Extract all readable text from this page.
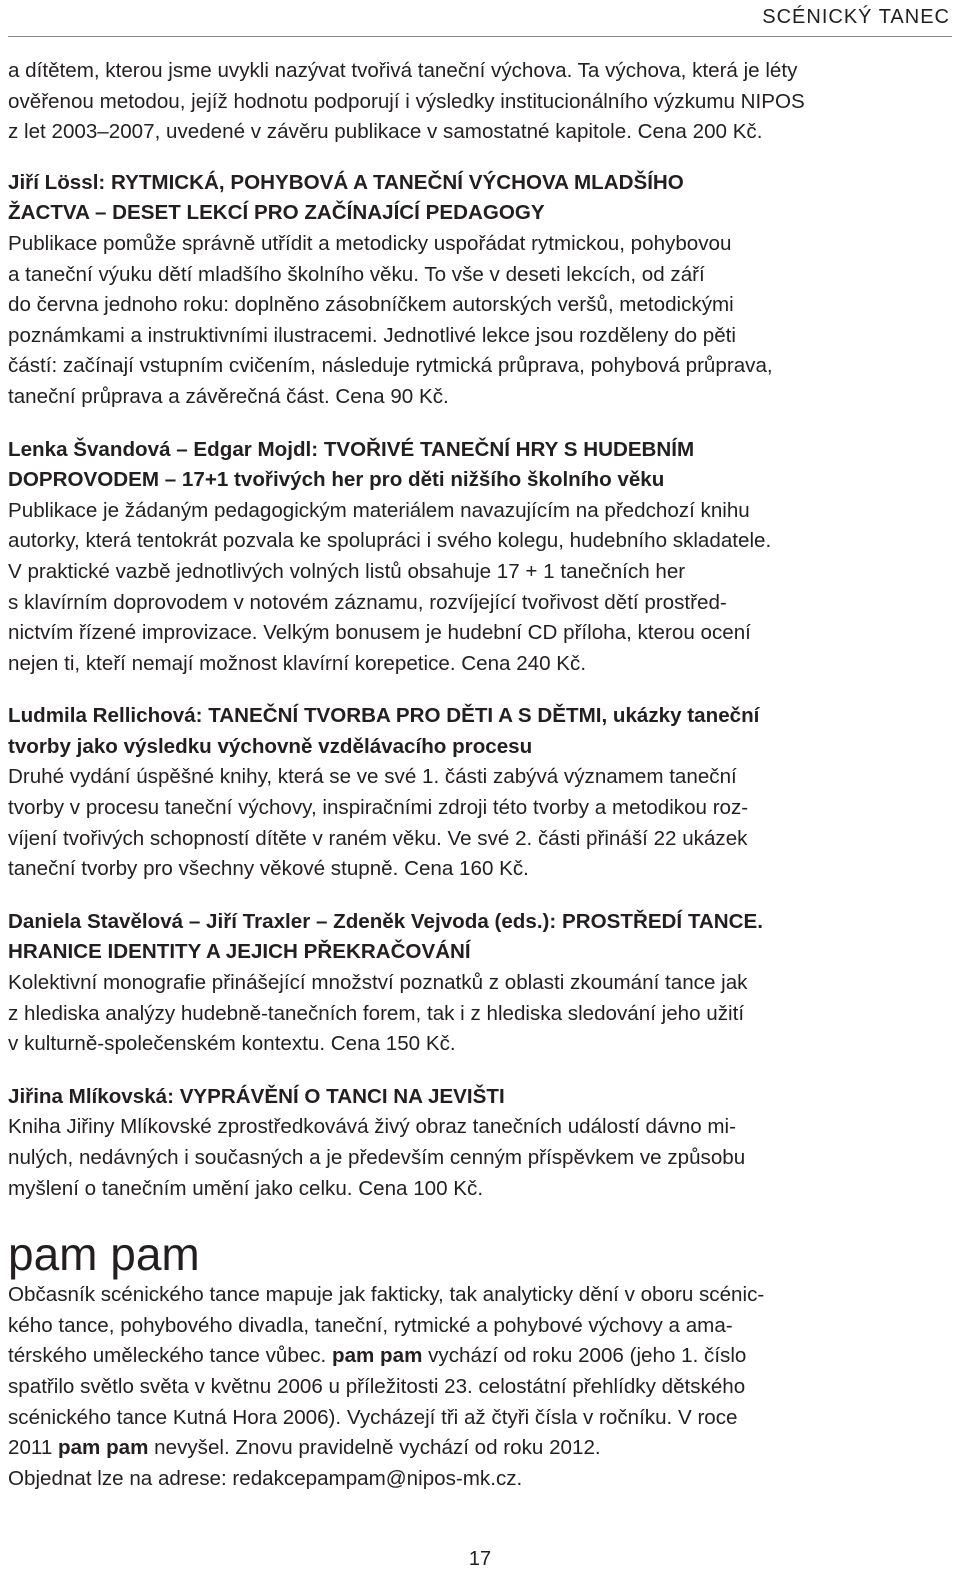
SCÉNICKÝ TANEC

a dítětem, kterou jsme uvykli nazývat tvořivá taneční výchova. Ta výchova, která je léty

ověřenou metodou, jejíž hodnotu podporují i výsledky institucionálního výzkumu NIPOS

z let 2003–2007, uvedené v závěru publikace v samostatné kapitole. Cena 200 Kč.

Jiří Lössl: RYTMICKÁ, POHYBOVÁ A TANEČNÍ VÝCHOVA MLADŠÍHO

ŽACTVA – DESET LEKCÍ PRO ZAČÍNAJÍCÍ PEDAGOGY

Publikace pomůže správně utřídit a metodicky uspořádat rytmickou, pohybovou

a taneční výuku dětí mladšího školního věku. To vše v deseti lekcích, od září

do června jednoho roku: doplněno zásobníčkem autorských veršů, metodickými

poznámkami a instruktivními ilustracemi. Jednotlivé lekce jsou rozděleny do pěti

částí: začínají vstupním cvičením, následuje rytmická průprava, pohybová průprava,

taneční průprava a závěrečná část. Cena 90 Kč.

Lenka Švandová – Edgar Mojdl: TVOŘIVÉ TANEČNÍ HRY S HUDEBNÍM

DOPROVODEM – 17+1 tvořivých her pro děti nižšího školního věku

Publikace je žádaným pedagogickým materiálem navazujícím na předchozí knihu

autorky, která tentokrát pozvala ke spolupráci i svého kolegu, hudebního skladatele.

V praktické vazbě jednotlivých volných listů obsahuje 17 + 1 tanečních her

s klavírním doprovodem v notovém záznamu, rozvíjející tvořivost dětí prostřed-

nictvím řízené improvizace. Velkým bonusem je hudební CD příloha, kterou ocení

nejen ti, kteří nemají možnost klavírní korepetice. Cena 240 Kč.

Ludmila Rellichová: TANEČNÍ TVORBA PRO DĚTI A S DĚTMI, ukázky taneční

tvorby jako výsledku výchovně vzdělávacího procesu

Druhé vydání úspěšné knihy, která se ve své 1. části zabývá významem taneční

tvorby v procesu taneční výchovy, inspiračními zdroji této tvorby a metodikou roz-

víjení tvořivých schopností dítěte v raném věku. Ve své 2. části přináší 22 ukázek

taneční tvorby pro všechny věkové stupně. Cena 160 Kč.

Daniela Stavělová – Jiří Traxler – Zdeněk Vejvoda (eds.): PROSTŘEDÍ TANCE.

HRANICE IDENTITY A JEJICH PŘEKRAČOVÁNÍ

Kolektivní monografie přinášející množství poznatků z oblasti zkoumání tance jak

z hlediska analýzy hudebně-tanečních forem, tak i z hlediska sledování jeho užití

v kulturně-společenském kontextu. Cena 150 Kč.

Jiřina Mlíkovská: VYPRÁVĚNÍ O TANCI NA JEVIŠTI

Kniha Jiřiny Mlíkovské zprostředkovává živý obraz tanečních událostí dávno mi-

nulých, nedávných i současných a je především cenným příspěvkem ve způsobu

myšlení o tanečním umění jako celku. Cena 100 Kč.

pam pam

Občasník scénického tance mapuje jak fakticky, tak analyticky dění v oboru scénic-

kého tance, pohybového divadla, taneční, rytmické a pohybové výchovy a ama-

térského uměleckého tance vůbec. pam pam vychází od roku 2006 (jeho 1. číslo

spatřilo světlo světa v květnu 2006 u příležitosti 23. celostátní přehlídky dětského

scénického tance Kutná Hora 2006). Vycházejí tři až čtyři čísla v ročníku. V roce

2011 pam pam nevyšel. Znovu pravidelně vychází od roku 2012.

Objednat lze na adrese: redakcepampam@nipos-mk.cz.

17
